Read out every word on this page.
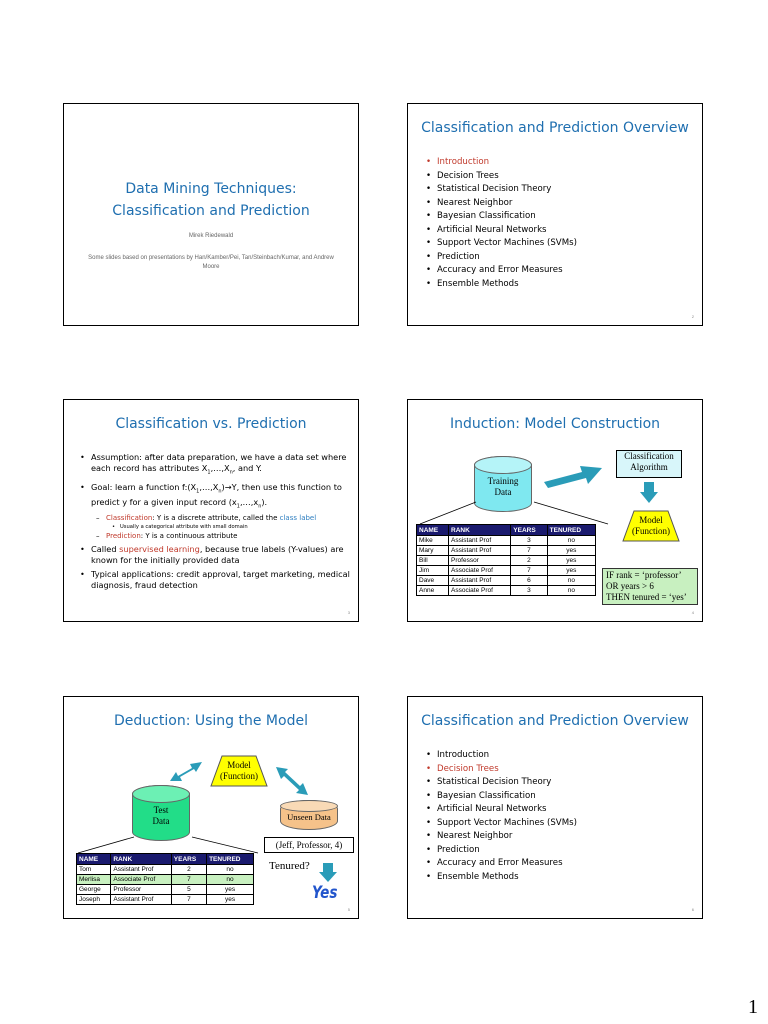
Data Mining Techniques:
Classification and Prediction
Mirek Riedewald
Some slides based on presentations by Han/Kamber/Pei, Tan/Steinbach/Kumar, and Andrew Moore
Classification and Prediction Overview
• Introduction
• Decision Trees
• Statistical Decision Theory
• Nearest Neighbor
• Bayesian Classification
• Artificial Neural Networks
• Support Vector Machines (SVMs)
• Prediction
• Accuracy and Error Measures
• Ensemble Methods
2
Classification vs. Prediction
• Assumption: after data preparation, we have a data set where each record has attributes $X_1,\dots,X_n$, and Y.
• Goal: learn a function $f:(X_1,\dots,X_n)\to Y$, then use this function to predict y for a given input record $(x_1,\dots,x_n)$.
– Classification: Y is a discrete attribute, called the class label
• Usually a categorical attribute with small domain
– Prediction: Y is a continuous attribute
• Called supervised learning, because true labels (Y-values) are known for the initially provided data
• Typical applications: credit approval, target marketing, medical diagnosis, fraud detection
3
Induction: Model Construction
Training
Data
Classification
Algorithm
Model
(Function)
NAME	RANK	YEARS	TENURED
Mike	Assistant Prof	3	no
Mary	Assistant Prof	7	yes
Bill	Professor	2	yes
Jim	Associate Prof	7	yes
Dave	Assistant Prof	6	no
Anne	Associate Prof	3	no
IF rank = ‘professor’
OR years > 6
THEN tenured = ‘yes’
4
Deduction: Using the Model
Model
(Function)
Test
Data	Unseen Data
(Jeff, Professor, 4)
NAME	RANK	YEARS	TENURED
Tom	Assistant Prof	2	no
Merlisa	Associate Prof	7	no
George	Professor	5	yes
Joseph	Assistant Prof	7	yes
Tenured?
Yes
5
Classification and Prediction Overview
• Introduction
• Decision Trees
• Statistical Decision Theory
• Bayesian Classification
• Artificial Neural Networks
• Support Vector Machines (SVMs)
• Nearest Neighbor
• Prediction
• Accuracy and Error Measures
• Ensemble Methods
6
1
